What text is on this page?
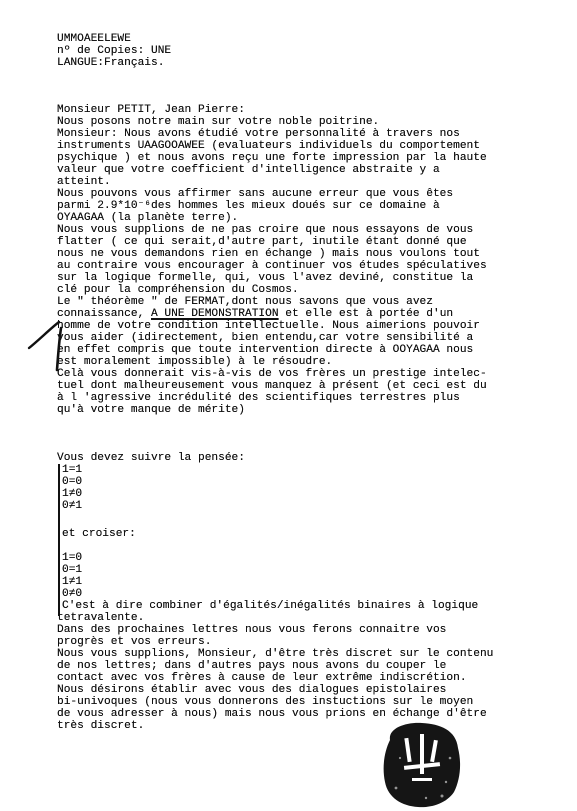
UMMOAEELEWE
nº de Copies: UNE
LANGUE:Français.
Monsieur PETIT, Jean Pierre:
Nous posons notre main sur votre noble poitrine.
Monsieur: Nous avons étudié votre personnalité à travers nos
instruments UAAGOOAWEE (evaluateurs individuels du comportement
psychique ) et nous avons reçu une forte impression par la haute
valeur que votre coefficient d'intelligence abstraite y a
atteint.
Nous pouvons vous affirmer sans aucune erreur que vous êtes
parmi 2.9*10⁻⁶des hommes les mieux doués sur ce domaine à
OYAAGAA (la planète terre).
Nous vous supplions de ne pas croire que nous essayons de vous
flatter ( ce qui serait,d'autre part, inutile étant donné que
nous ne vous demandons rien en échange ) mais nous voulons tout
au contraire vous encourager à continuer vos études spéculatives
sur la logique formelle, qui, vous l'avez deviné, constitue la
clé pour la compréhension du Cosmos.
Le " théorème " de FERMAT,dont nous savons que vous avez
connaissance, A UNE DEMONSTRATION et elle est à portée d'un
homme de votre condition intellectuelle. Nous aimerions pouvoir
vous aider (idirectement, bien entendu,car votre sensibilité a
en effet compris que toute intervention directe à OOYAGAA nous
est moralement impossible) à le résoudre.
Celà vous donnerait vis-à-vis de vos frères un prestige intelec-
tuel dont malheureusement vous manquez à présent (et ceci est du
à l 'agressive incrédulité des scientifiques terrestres plus
qu'à votre manque de mérite)
Vous devez suivre la pensée:
1=1
0=0
1≠0
0≠1
et croiser:
1=0
0=1
1≠1
0≠0
C'est à dire combiner d'égalités/inégalités binaires à logique
tetravalente.
Dans des prochaines lettres nous vous ferons connaitre vos
progrès et vos erreurs.
Nous vous supplions, Monsieur, d'être très discret sur le contenu
de nos lettres; dans d'autres pays nous avons du couper le
contact avec vos frères à cause de leur extrême indiscrétion.
Nous désirons établir avec vous des dialogues epistolaires
bi-univoques (nous vous donnerons des instuctions sur le moyen
de vous adresser à nous) mais nous vous prions en échange d'être
très discret.
